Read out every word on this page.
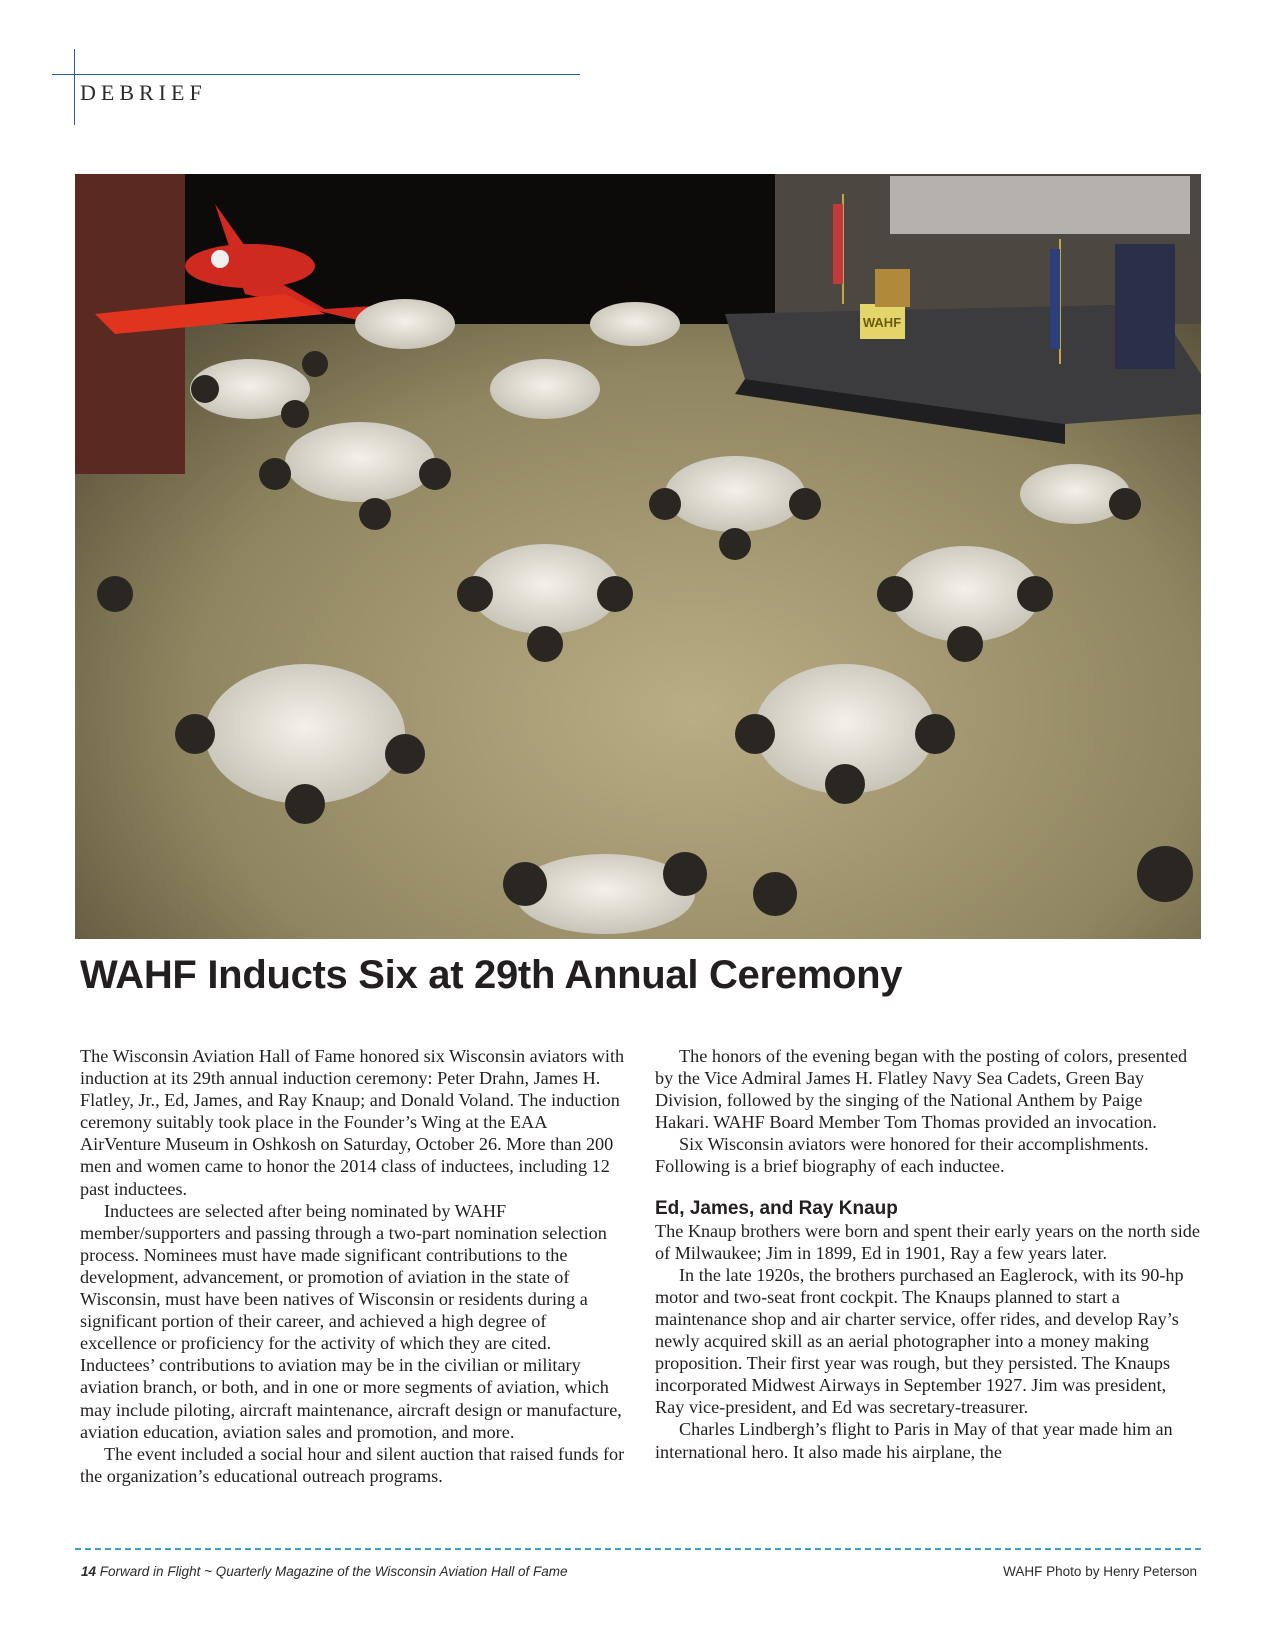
DEBRIEF
WAHF
WAHF Inducts Six at 29th Annual Ceremony

The Wisconsin Aviation Hall of Fame honored six Wisconsin aviators with induction at its 29th annual induction ceremony: Peter Drahn, James H. Flatley, Jr., Ed, James, and Ray Knaup; and Donald Voland. The induction ceremony suitably took place in the Founder’s Wing at the EAA AirVenture Museum in Oshkosh on Saturday, October 26. More than 200 men and women came to honor the 2014 class of inductees, including 12 past inductees.

Inductees are selected after being nominated by WAHF member/supporters and passing through a two-part nomination selection process. Nominees must have made significant contributions to the development, advancement, or promotion of aviation in the state of Wisconsin, must have been natives of Wisconsin or residents during a significant portion of their career, and achieved a high degree of excellence or proficiency for the activity of which they are cited. Inductees’ contributions to aviation may be in the civilian or military aviation branch, or both, and in one or more segments of aviation, which may include piloting, aircraft maintenance, aircraft design or manufacture, aviation education, aviation sales and promotion, and more.

The event included a social hour and silent auction that raised funds for the organization’s educational outreach programs.

The honors of the evening began with the posting of colors, presented by the Vice Admiral James H. Flatley Navy Sea Cadets, Green Bay Division, followed by the singing of the National Anthem by Paige Hakari. WAHF Board Member Tom Thomas provided an invocation.

Six Wisconsin aviators were honored for their accomplishments. Following is a brief biography of each inductee.

Ed, James, and Ray Knaup

The Knaup brothers were born and spent their early years on the north side of Milwaukee; Jim in 1899, Ed in 1901, Ray a few years later.

In the late 1920s, the brothers purchased an Eaglerock, with its 90-hp motor and two-seat front cockpit. The Knaups planned to start a maintenance shop and air charter service, offer rides, and develop Ray’s newly acquired skill as an aerial photographer into a money making proposition. Their first year was rough, but they persisted. The Knaups incorporated Midwest Airways in September 1927. Jim was president, Ray vice-president, and Ed was secretary-treasurer.

Charles Lindbergh’s flight to Paris in May of that year made him an international hero. It also made his airplane, the

14 Forward in Flight ~ Quarterly Magazine of the Wisconsin Aviation Hall of Fame	WAHF Photo by Henry Peterson
